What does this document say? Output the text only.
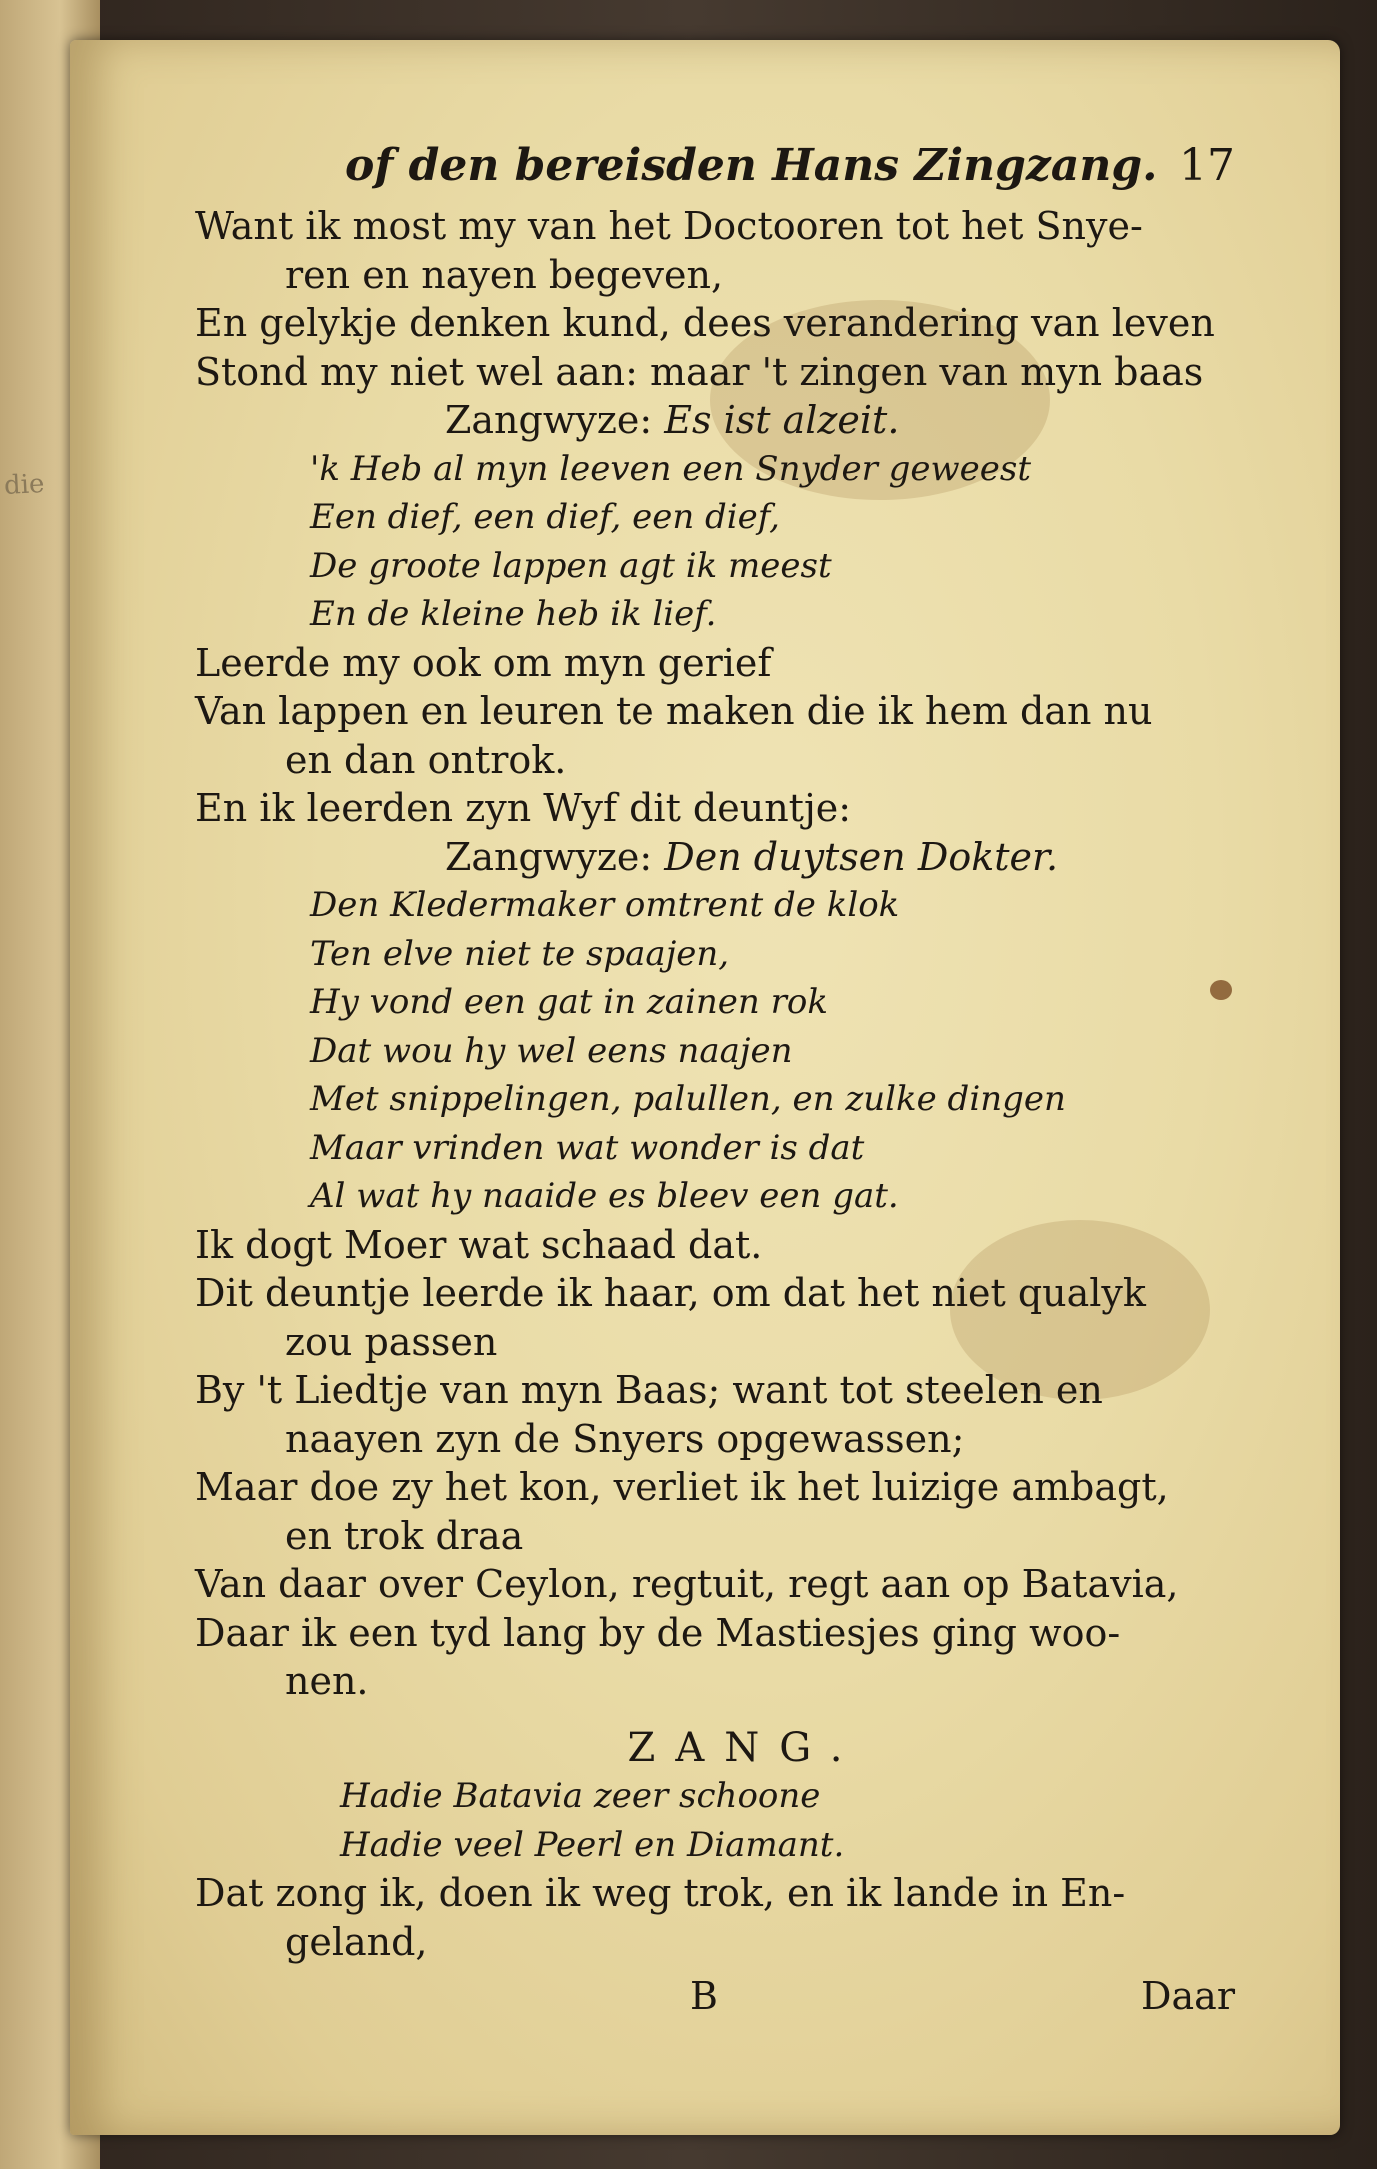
die
of den bereisden Hans Zingzang. 17
Want ik most my van het Doctooren tot het Snye-
ren en nayen begeven,
En gelykje denken kund, dees verandering van leven
Stond my niet wel aan: maar 't zingen van myn baas
Zangwyze: Es ist alzeit.
'k Heb al myn leeven een Snyder geweest
Een dief, een dief, een dief,
De groote lappen agt ik meest
En de kleine heb ik lief.
Leerde my ook om myn gerief
Van lappen en leuren te maken die ik hem dan nu
en dan ontrok.
En ik leerden zyn Wyf dit deuntje:
Zangwyze: Den duytsen Dokter.
Den Kledermaker omtrent de klok
Ten elve niet te spaajen,
Hy vond een gat in zainen rok
Dat wou hy wel eens naajen
Met snippelingen, palullen, en zulke dingen
Maar vrinden wat wonder is dat
Al wat hy naaide es bleev een gat.
Ik dogt Moer wat schaad dat.
Dit deuntje leerde ik haar, om dat het niet qualyk
zou passen
By 't Liedtje van myn Baas; want tot steelen en
naayen zyn de Snyers opgewassen;
Maar doe zy het kon, verliet ik het luizige ambagt,
en trok draa
Van daar over Ceylon, regtuit, regt aan op Batavia,
Daar ik een tyd lang by de Mastiesjes ging woo-
nen.
ZANG.
Hadie Batavia zeer schoone
Hadie veel Peerl en Diamant.
Dat zong ik, doen ik weg trok, en ik lande in En-
geland,
B	Daar
